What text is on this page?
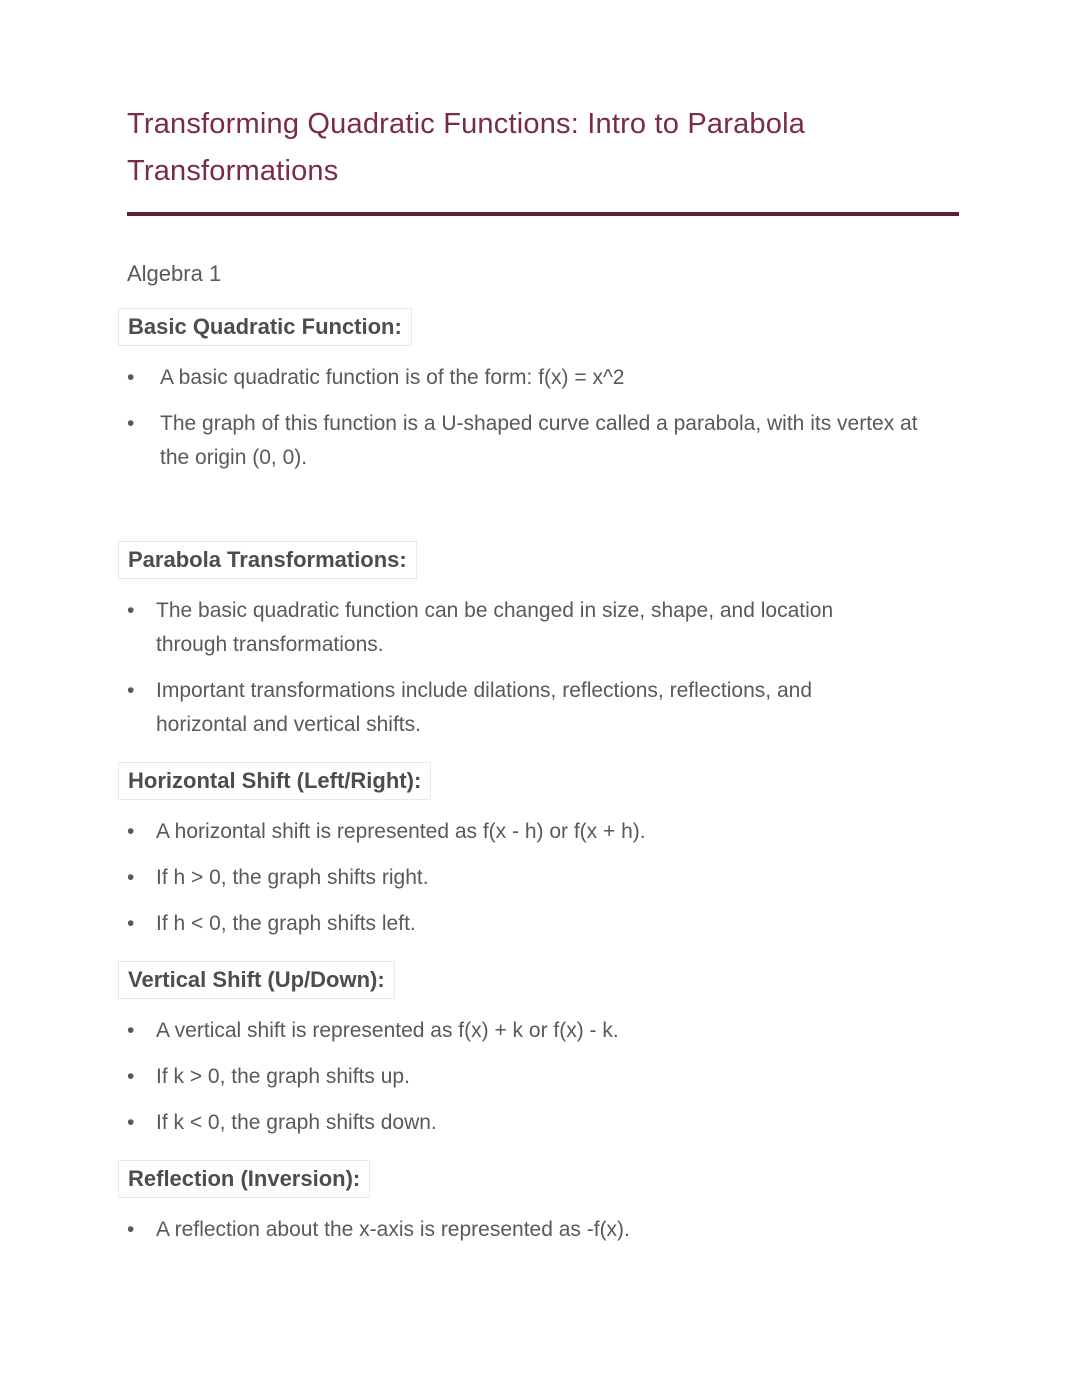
Transforming Quadratic Functions: Intro to Parabola Transformations

Algebra 1

Basic Quadratic Function:
•	A basic quadratic function is of the form: f(x) = x^2
•	The graph of this function is a U-shaped curve called a parabola, with its vertex at the origin (0, 0).
Parabola Transformations:
•	The basic quadratic function can be changed in size, shape, and location through transformations.
•	Important transformations include dilations, reflections, reflections, and horizontal and vertical shifts.
Horizontal Shift (Left/Right):
•	A horizontal shift is represented as f(x - h) or f(x + h).
•	If h > 0, the graph shifts right.
•	If h < 0, the graph shifts left.
Vertical Shift (Up/Down):
•	A vertical shift is represented as f(x) + k or f(x) - k.
•	If k > 0, the graph shifts up.
•	If k < 0, the graph shifts down.
Reflection (Inversion):
•	A reflection about the x-axis is represented as -f(x).
